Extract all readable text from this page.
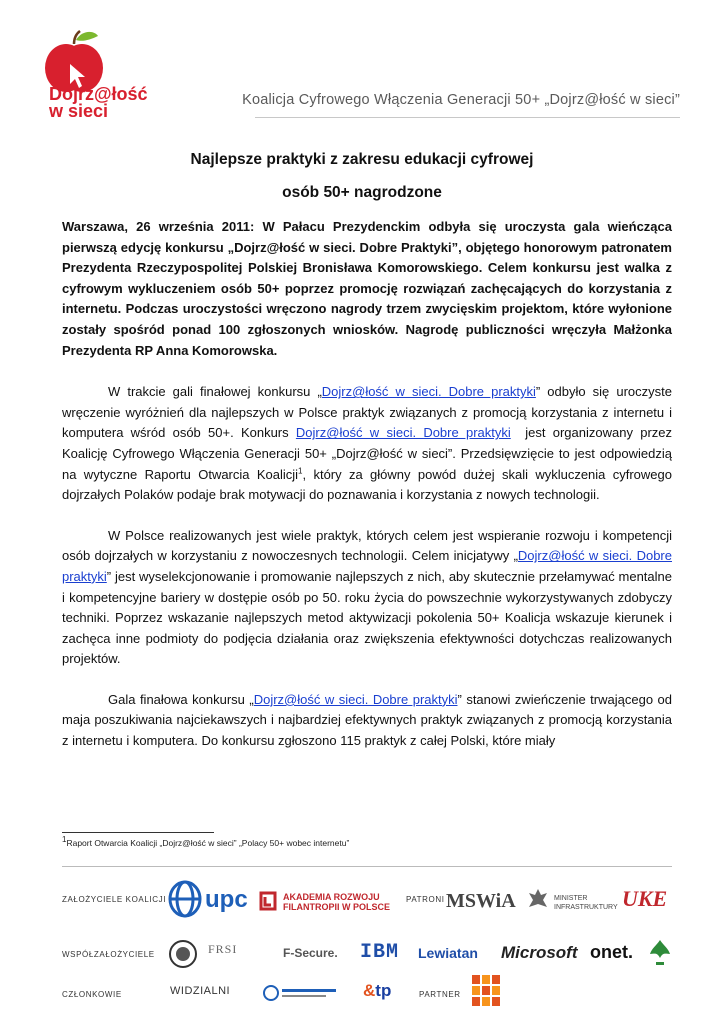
Dojrz@łość
w sieci
Koalicja Cyfrowego Włączenia Generacji 50+ „Dojrz@łość w sieci”
Najlepsze praktyki z zakresu edukacji cyfrowej
osób 50+ nagrodzone

Warszawa, 26 września 2011: W Pałacu Prezydenckim odbyła się uroczysta gala wieńcząca pierwszą edycję konkursu „Dojrz@łość w sieci. Dobre Praktyki”, objętego honorowym patronatem Prezydenta Rzeczypospolitej Polskiej Bronisława Komorowskiego. Celem konkursu jest walka z cyfrowym wykluczeniem osób 50+ poprzez promocję rozwiązań zachęcających do korzystania z internetu. Podczas uroczystości wręczono nagrody trzem zwycięskim projektom, które wyłonione zostały spośród ponad 100 zgłoszonych wniosków. Nagrodę publiczności wręczyła Małżonka Prezydenta RP Anna Komorowska.

W trakcie gali finałowej konkursu „Dojrz@łość w sieci. Dobre praktyki” odbyło się uroczyste wręczenie wyróżnień dla najlepszych w Polsce praktyk związanych z promocją korzystania z internetu i komputera wśród osób 50+. Konkurs Dojrz@łość w sieci. Dobre praktyki  jest organizowany przez Koalicję Cyfrowego Włączenia Generacji 50+ „Dojrz@łość w sieci”. Przedsięwzięcie to jest odpowiedzią na wytyczne Raportu Otwarcia Koalicji$^1$, który za główny powód dużej skali wykluczenia cyfrowego dojrzałych Polaków podaje brak motywacji do poznawania i korzystania z nowych technologii.

W Polsce realizowanych jest wiele praktyk, których celem jest wspieranie rozwoju i kompetencji osób dojrzałych w korzystaniu z nowoczesnych technologii. Celem inicjatywy „Dojrz@łość w sieci. Dobre praktyki” jest wyselekcjonowanie i promowanie najlepszych z nich, aby skutecznie przełamywać mentalne i kompetencyjne bariery w dostępie osób po 50. roku życia do powszechnie wykorzystywanych zdobyczy techniki. Poprzez wskazanie najlepszych metod aktywizacji pokolenia 50+ Koalicja wskazuje kierunek i zachęca inne podmioty do podjęcia działania oraz zwiększenia efektywności dotychczas realizowanych projektów.

Gala finałowa konkursu „Dojrz@łość w sieci. Dobre praktyki” stanowi zwieńczenie trwającego od maja poszukiwania najciekawszych i najbardziej efektywnych praktyk związanych z promocją korzystania z internetu i komputera. Do konkursu zgłoszono 115 praktyk z całej Polski, które miały

$^1$Raport Otwarcia Koalicji „Dojrz@łość w sieci” „Polacy 50+ wobec internetu”
ZAŁOŻYCIELE KOALICJI upc	AKADEMIA ROZWOJU
FILANTROPII W POLSCE
PATRONI MSWiA	MINISTER
INFRASTRUKTURY UKE
WSPÓŁZAŁOŻYCIELE	FRSI	F-Secure. IBM Lewiatan Microsoft onet.
CZŁONKOWIE	WIDZIALNI	&tp	PARTNER
